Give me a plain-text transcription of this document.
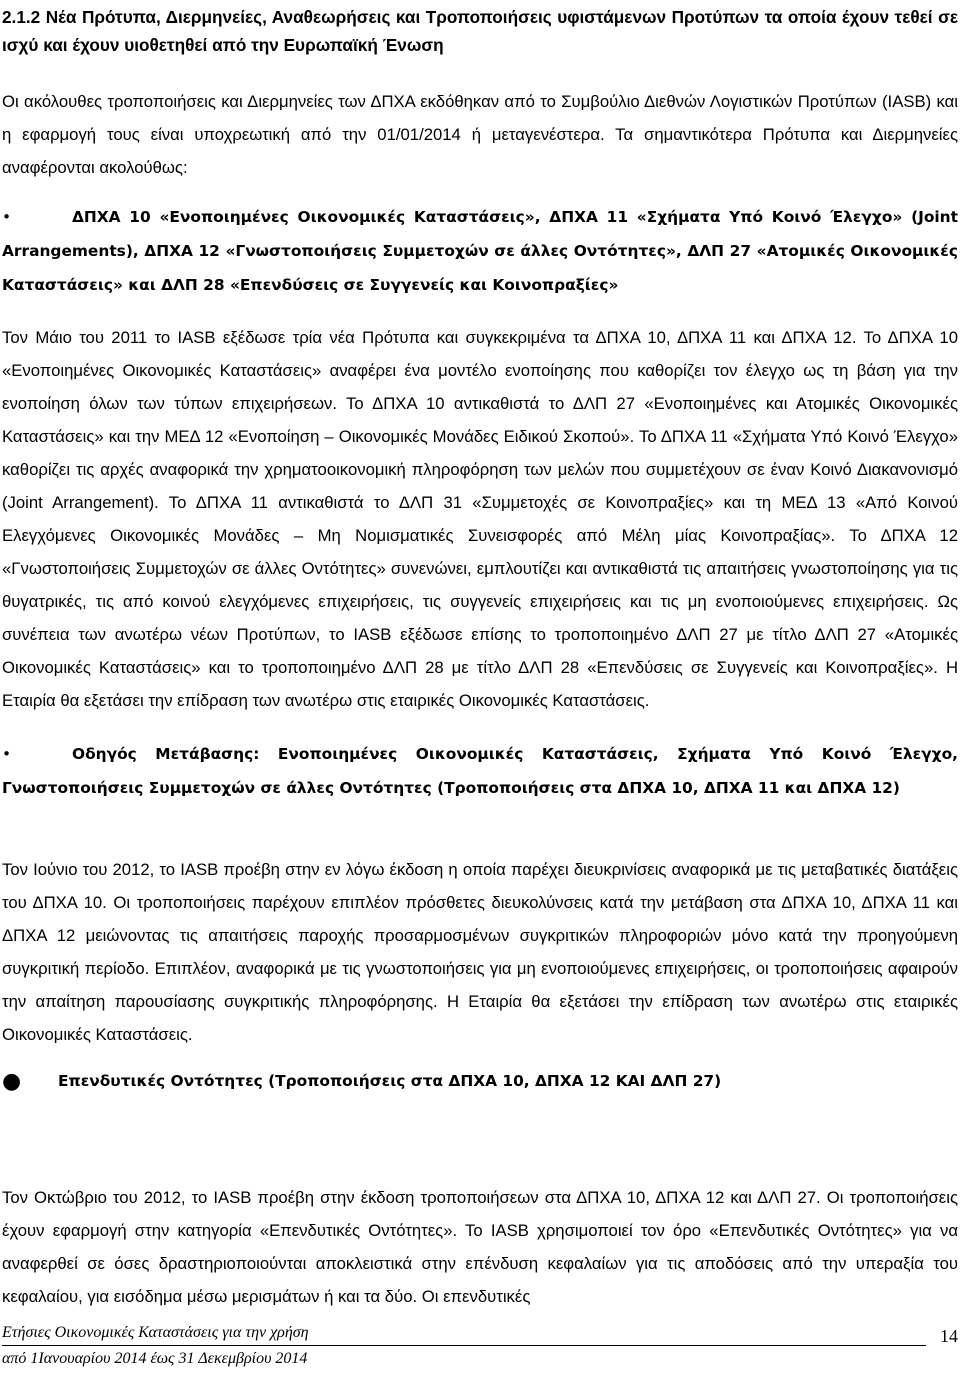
2.1.2 Νέα Πρότυπα, Διερμηνείες, Αναθεωρήσεις και Τροποποιήσεις υφιστάμενων Προτύπων τα οποία έχουν τεθεί σε ισχύ και έχουν υιοθετηθεί από την Ευρωπαϊκή Ένωση
Οι ακόλουθες τροποποιήσεις και Διερμηνείες των ΔΠΧΑ εκδόθηκαν από το Συμβούλιο Διεθνών Λογιστικών Προτύπων (IASB) και η εφαρμογή τους είναι υποχρεωτική από την 01/01/2014 ή μεταγενέστερα. Τα σημαντικότερα Πρότυπα και Διερμηνείες αναφέρονται ακολούθως:
•	ΔΠΧΑ 10 «Ενοποιημένες Οικονομικές Καταστάσεις», ΔΠΧΑ 11 «Σχήματα Υπό Κοινό Έλεγχο» (Joint Arrangements), ΔΠΧΑ 12 «Γνωστοποιήσεις Συμμετοχών σε άλλες Οντότητες», ΔΛΠ 27 «Ατομικές Οικονομικές Καταστάσεις» και ΔΛΠ 28 «Επενδύσεις σε Συγγενείς και Κοινοπραξίες»
Τον Μάιο του 2011 το IASB εξέδωσε τρία νέα Πρότυπα και συγκεκριμένα τα ΔΠΧΑ 10, ΔΠΧΑ 11 και ΔΠΧΑ 12. Το ΔΠΧΑ 10 «Ενοποιημένες Οικονομικές Καταστάσεις» αναφέρει ένα μοντέλο ενοποίησης που καθορίζει τον έλεγχο ως τη βάση για την ενοποίηση όλων των τύπων επιχειρήσεων. Το ΔΠΧΑ 10 αντικαθιστά το ΔΛΠ 27 «Ενοποιημένες και Ατομικές Οικονομικές Καταστάσεις» και την ΜΕΔ 12 «Ενοποίηση – Οικονομικές Μονάδες Ειδικού Σκοπού». Το ΔΠΧΑ 11 «Σχήματα Υπό Κοινό Έλεγχο» καθορίζει τις αρχές αναφορικά την χρηματοοικονομική πληροφόρηση των μελών που συμμετέχουν σε έναν Κοινό Διακανονισμό (Joint Arrangement). Το ΔΠΧΑ 11 αντικαθιστά το ΔΛΠ 31 «Συμμετοχές σε Κοινοπραξίες» και τη ΜΕΔ 13 «Από Κοινού Ελεγχόμενες Οικονομικές Μονάδες – Μη Νομισματικές Συνεισφορές από Μέλη μίας Κοινοπραξίας». Το ΔΠΧΑ 12 «Γνωστοποιήσεις Συμμετοχών σε άλλες Οντότητες» συνενώνει, εμπλουτίζει και αντικαθιστά τις απαιτήσεις γνωστοποίησης για τις θυγατρικές, τις από κοινού ελεγχόμενες επιχειρήσεις, τις συγγενείς επιχειρήσεις και τις μη ενοποιούμενες επιχειρήσεις. Ως συνέπεια των ανωτέρω νέων Προτύπων, το IASB εξέδωσε επίσης το τροποποιημένο ΔΛΠ 27 με τίτλο ΔΛΠ 27 «Ατομικές Οικονομικές Καταστάσεις» και το τροποποιημένο ΔΛΠ 28 με τίτλο ΔΛΠ 28 «Επενδύσεις σε Συγγενείς και Κοινοπραξίες». Η Εταιρία θα εξετάσει την επίδραση των ανωτέρω στις εταιρικές Οικονομικές Καταστάσεις.
•	Οδηγός Μετάβασης: Ενοποιημένες Οικονομικές Καταστάσεις, Σχήματα Υπό Κοινό Έλεγχο, Γνωστοποιήσεις Συμμετοχών σε άλλες Οντότητες (Τροποποιήσεις στα ΔΠΧΑ 10, ΔΠΧΑ 11 και ΔΠΧΑ 12)
Τον Ιούνιο του 2012, το IASB προέβη στην εν λόγω έκδοση η οποία παρέχει διευκρινίσεις αναφορικά με τις μεταβατικές διατάξεις του ΔΠΧΑ 10. Οι τροποποιήσεις παρέχουν επιπλέον πρόσθετες διευκολύνσεις κατά την μετάβαση στα ΔΠΧΑ 10, ΔΠΧΑ 11 και ΔΠΧΑ 12 μειώνοντας τις απαιτήσεις παροχής προσαρμοσμένων συγκριτικών πληροφοριών μόνο κατά την προηγούμενη συγκριτική περίοδο. Επιπλέον, αναφορικά με τις γνωστοποιήσεις για μη ενοποιούμενες επιχειρήσεις, οι τροποποιήσεις αφαιρούν την απαίτηση παρουσίασης συγκριτικής πληροφόρησης. Η Εταιρία θα εξετάσει την επίδραση των ανωτέρω στις εταιρικές Οικονομικές Καταστάσεις.
● Επενδυτικές Οντότητες (Τροποποιήσεις στα ΔΠΧΑ 10, ΔΠΧΑ 12 ΚΑΙ ΔΛΠ 27)
Τον Οκτώβριο του 2012, το IASB προέβη στην έκδοση τροποποιήσεων στα ΔΠΧΑ 10, ΔΠΧΑ 12 και ΔΛΠ 27. Οι τροποποιήσεις έχουν εφαρμογή στην κατηγορία «Επενδυτικές Οντότητες». Το IASB χρησιμοποιεί τον όρο «Επενδυτικές Οντότητες» για να αναφερθεί σε όσες δραστηριοποιούνται αποκλειστικά στην επένδυση κεφαλαίων για τις αποδόσεις από την υπεραξία του κεφαλαίου, για εισόδημα μέσω μερισμάτων ή και τα δύο. Οι επενδυτικές
Ετήσιες Οικονομικές Καταστάσεις για την χρήση
από 1Ιανουαρίου 2014 έως 31 Δεκεμβρίου 2014
14
